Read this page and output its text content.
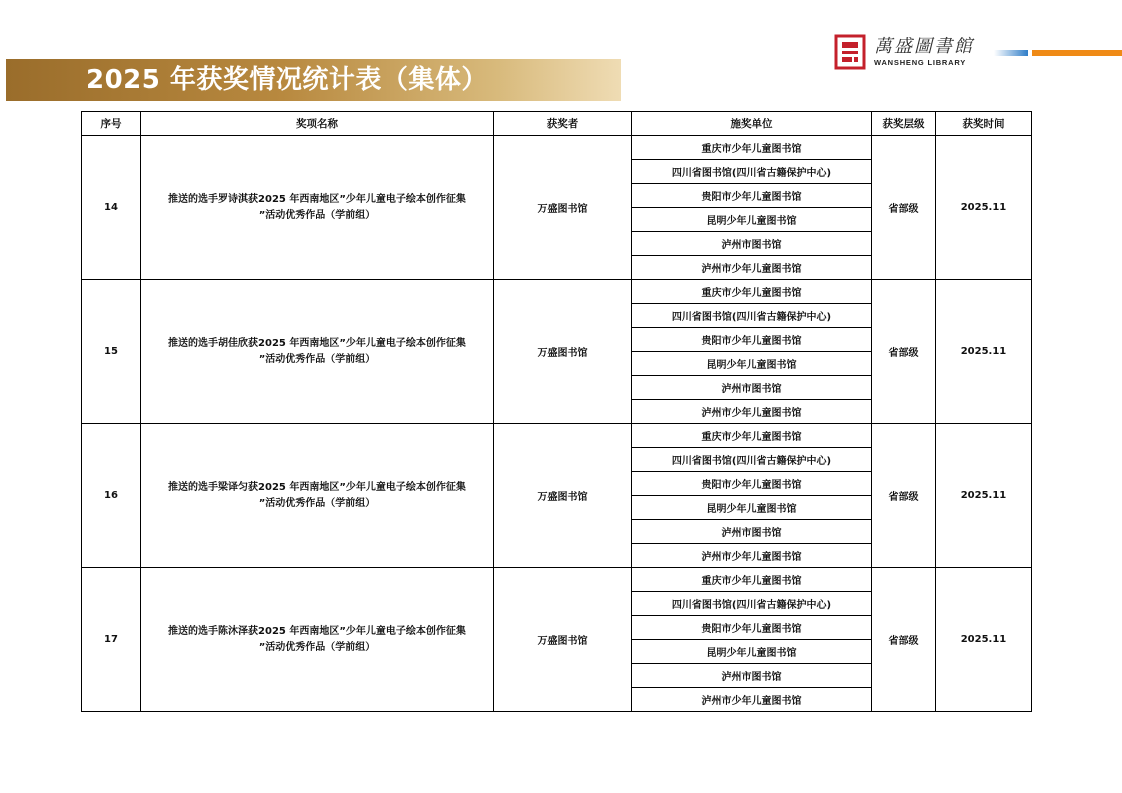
2025 年获奖情况统计表（集体）
萬盛圖書館
WANSHENG LIBRARY
序号	奖项名称	获奖者	施奖单位	获奖层级	获奖时间
14	推送的选手罗诗淇获2025 年西南地区”少年儿童电子绘本创作征集
”活动优秀作品（学前组）	万盛图书馆	重庆市少年儿童图书馆	省部级	2025.11
			四川省图书馆(四川省古籍保护中心)		
			贵阳市少年儿童图书馆		
			昆明少年儿童图书馆		
			泸州市图书馆		
			泸州市少年儿童图书馆		
15	推送的选手胡佳欣获2025 年西南地区”少年儿童电子绘本创作征集
”活动优秀作品（学前组）	万盛图书馆	重庆市少年儿童图书馆	省部级	2025.11
			四川省图书馆(四川省古籍保护中心)		
			贵阳市少年儿童图书馆		
			昆明少年儿童图书馆		
			泸州市图书馆		
			泸州市少年儿童图书馆		
16	推送的选手梁译匀获2025 年西南地区”少年儿童电子绘本创作征集
”活动优秀作品（学前组）	万盛图书馆	重庆市少年儿童图书馆	省部级	2025.11
			四川省图书馆(四川省古籍保护中心)		
			贵阳市少年儿童图书馆		
			昆明少年儿童图书馆		
			泸州市图书馆		
			泸州市少年儿童图书馆		
17	推送的选手陈沐泽获2025 年西南地区”少年儿童电子绘本创作征集
”活动优秀作品（学前组）	万盛图书馆	重庆市少年儿童图书馆	省部级	2025.11
			四川省图书馆(四川省古籍保护中心)		
			贵阳市少年儿童图书馆		
			昆明少年儿童图书馆		
			泸州市图书馆		
			泸州市少年儿童图书馆		
